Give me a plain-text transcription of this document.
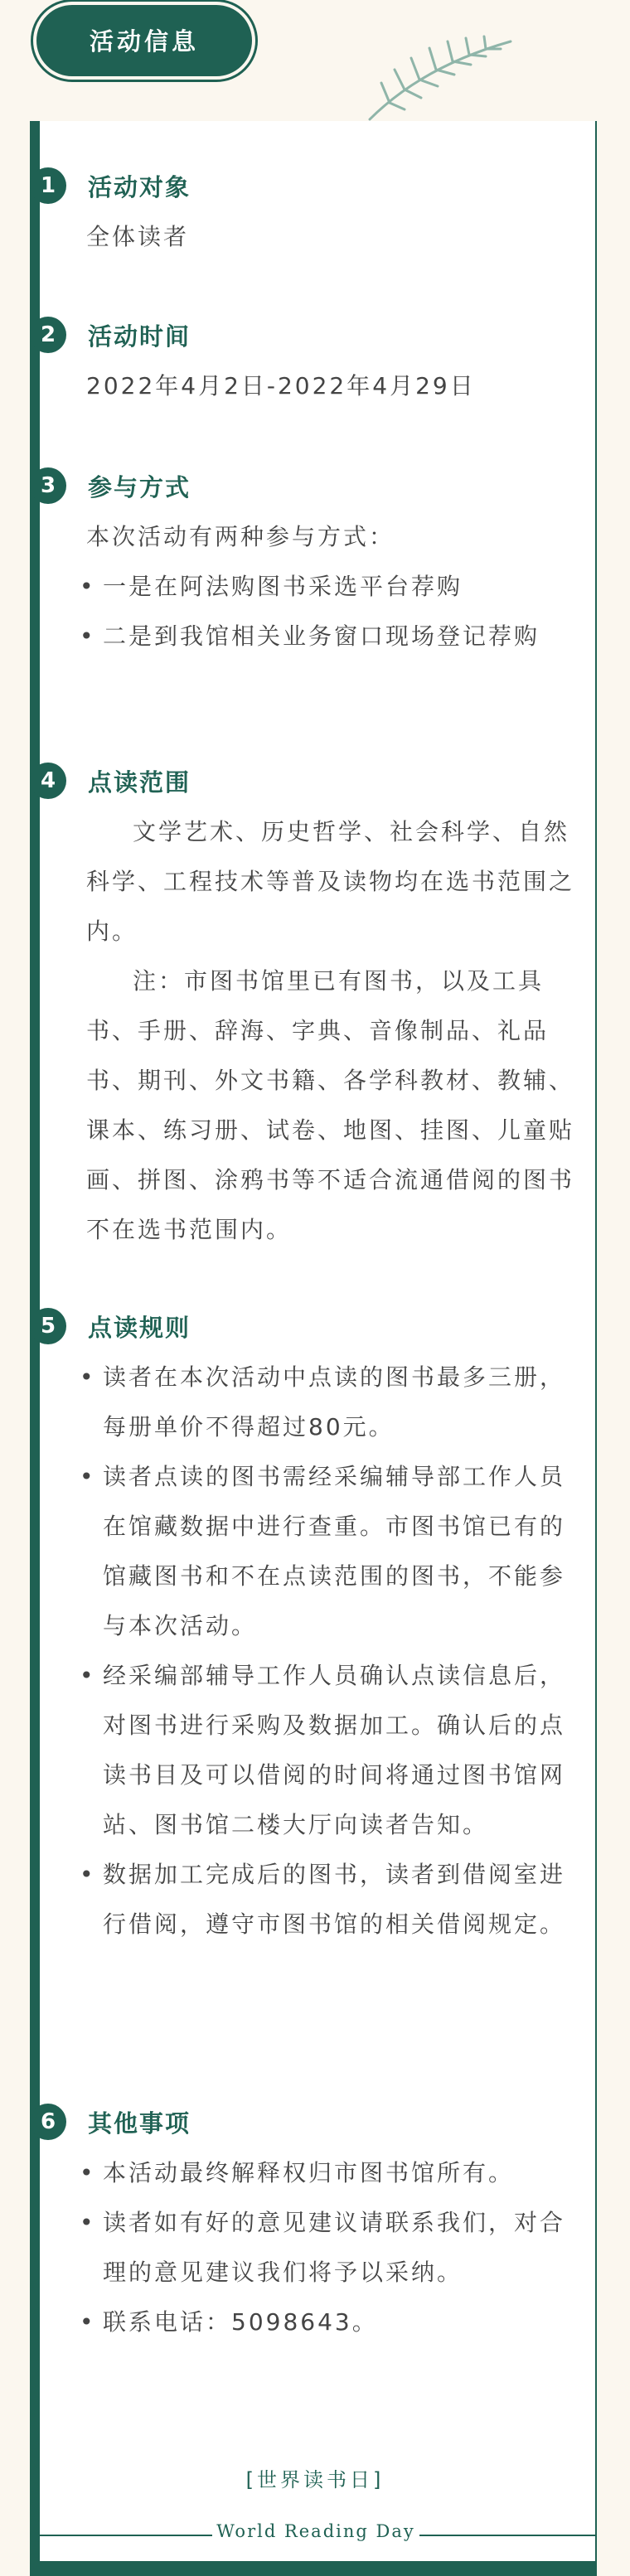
活动信息
1	活动对象
全体读者
2	活动时间
2022年4月2日-2022年4月29日
3	参与方式
本次活动有两种参与方式：
• 一是在阿法购图书采选平台荐购
• 二是到我馆相关业务窗口现场登记荐购
4	点读范围
文学艺术、历史哲学、社会科学、自然科学、工程技术等普及读物均在选书范围之内。
注：市图书馆里已有图书，以及工具书、手册、辞海、字典、音像制品、礼品书、期刊、外文书籍、各学科教材、教辅、课本、练习册、试卷、地图、挂图、儿童贴画、拼图、涂鸦书等不适合流通借阅的图书不在选书范围内。
5	点读规则
• 读者在本次活动中点读的图书最多三册，每册单价不得超过80元。
• 读者点读的图书需经采编辅导部工作人员在馆藏数据中进行查重。市图书馆已有的馆藏图书和不在点读范围的图书，不能参与本次活动。
• 经采编部辅导工作人员确认点读信息后，对图书进行采购及数据加工。确认后的点读书目及可以借阅的时间将通过图书馆网站、图书馆二楼大厅向读者告知。
• 数据加工完成后的图书，读者到借阅室进行借阅，遵守市图书馆的相关借阅规定。
6	其他事项
• 本活动最终解释权归市图书馆所有。
• 读者如有好的意见建议请联系我们，对合理的意见建议我们将予以采纳。
• 联系电话：5098643。
[世界读书日]
World Reading Day
